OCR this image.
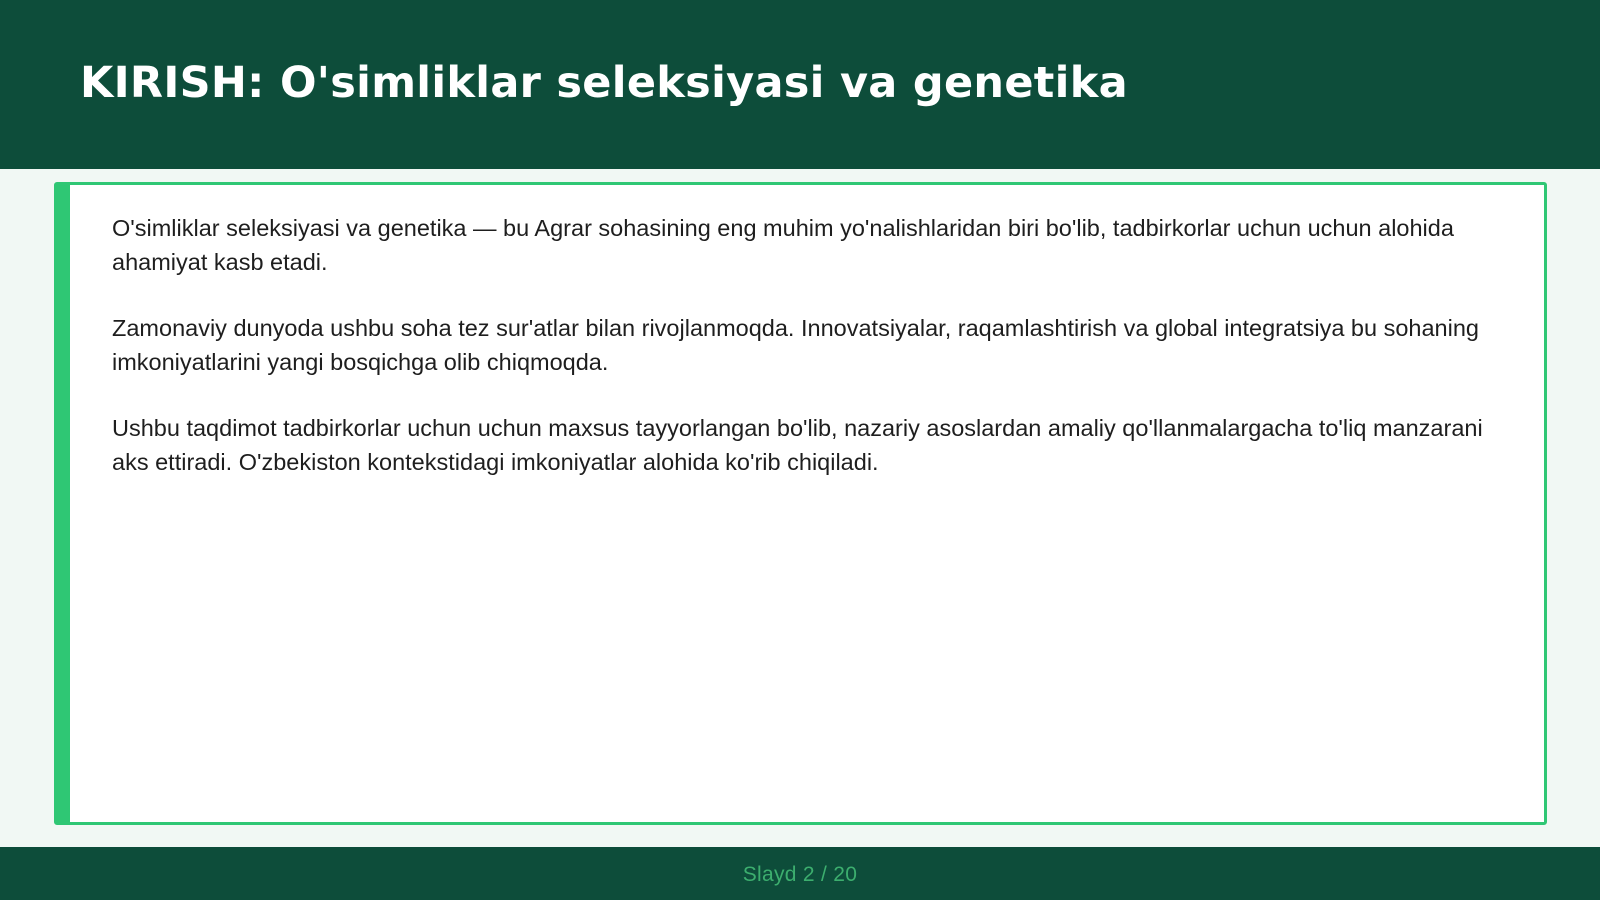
KIRISH: O'simliklar seleksiyasi va genetika

O'simliklar seleksiyasi va genetika — bu Agrar sohasining eng muhim yo'nalishlaridan biri bo'lib, tadbirkorlar uchun uchun alohida ahamiyat kasb etadi.

Zamonaviy dunyoda ushbu soha tez sur'atlar bilan rivojlanmoqda. Innovatsiyalar, raqamlashtirish va global integratsiya bu sohaning imkoniyatlarini yangi bosqichga olib chiqmoqda.

Ushbu taqdimot tadbirkorlar uchun uchun maxsus tayyorlangan bo'lib, nazariy asoslardan amaliy qo'llanmalargacha to'liq manzarani aks ettiradi. O'zbekiston kontekstidagi imkoniyatlar alohida ko'rib chiqiladi.

Slayd 2 / 20
